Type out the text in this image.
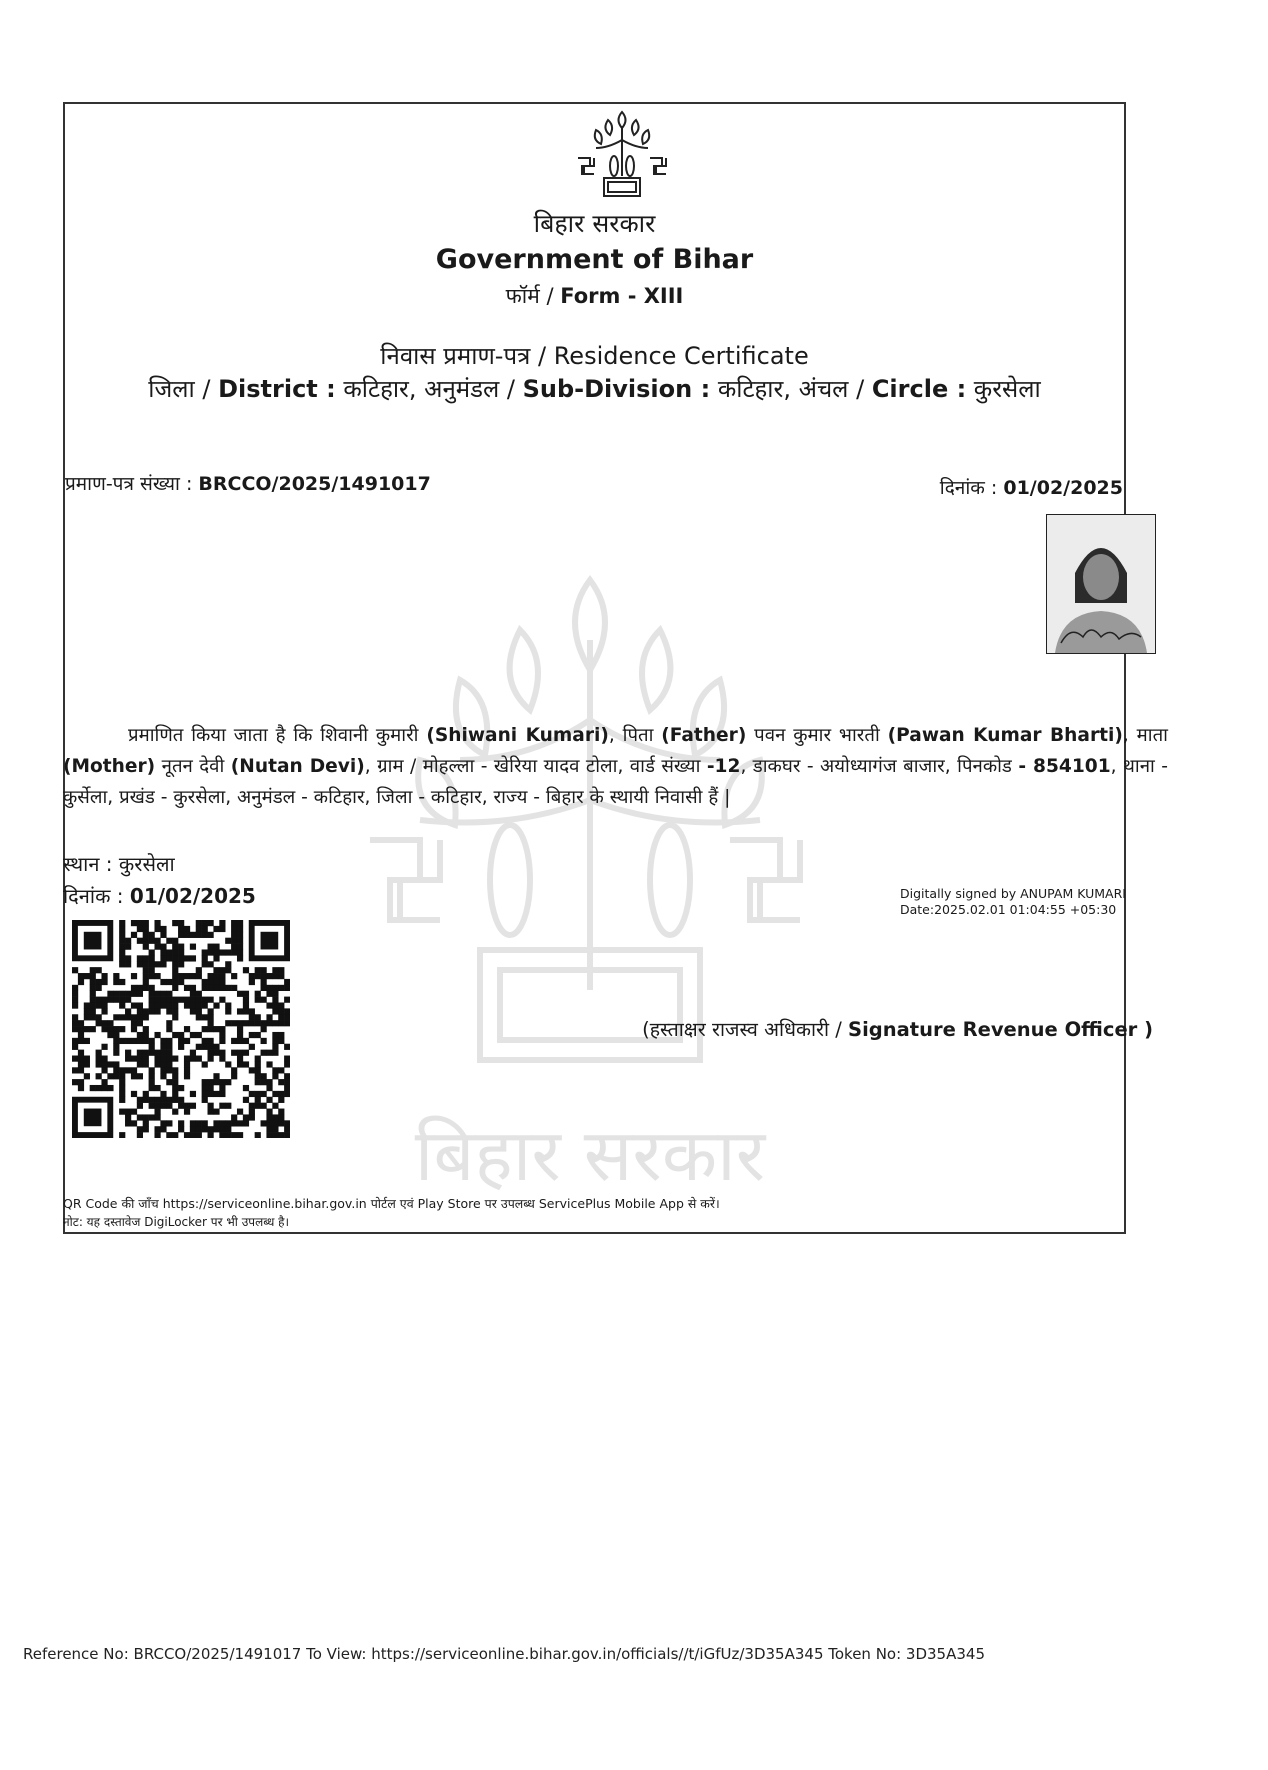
बिहार सरकार
बिहार सरकार
Government of Bihar
फॉर्म / Form - XIII
निवास प्रमाण-पत्र / Residence Certificate
जिला / District : कटिहार, अनुमंडल / Sub-Division : कटिहार, अंचल / Circle : कुरसेला
प्रमाण-पत्र संख्या : BRCCO/2025/1491017	दिनांक : 01/02/2025
प्रमाणित किया जाता है कि शिवानी कुमारी (Shiwani Kumari), पिता (Father) पवन कुमार भारती (Pawan Kumar Bharti), माता (Mother) नूतन देवी (Nutan Devi), ग्राम / मोहल्ला - खेरिया यादव टोला, वार्ड संख्या -12, डाकघर - अयोध्यागंज बाजार, पिनकोड - 854101, थाना - कुर्सेला, प्रखंड - कुरसेला, अनुमंडल - कटिहार, जिला - कटिहार, राज्य - बिहार के स्थायी निवासी हैं |
स्थान : कुरसेला
दिनांक : 01/02/2025	Digitally signed by ANUPAM KUMARI
Date:2025.02.01 01:04:55 +05:30
(हस्ताक्षर राजस्व अधिकारी / Signature Revenue Officer )
QR Code की जाँच https://serviceonline.bihar.gov.in पोर्टल एवं Play Store पर उपलब्ध ServicePlus Mobile App से करें।
नोट: यह दस्तावेज DigiLocker पर भी उपलब्ध है।
Reference No: BRCCO/2025/1491017 To View: https://serviceonline.bihar.gov.in/officials//t/iGfUz/3D35A345 Token No: 3D35A345
